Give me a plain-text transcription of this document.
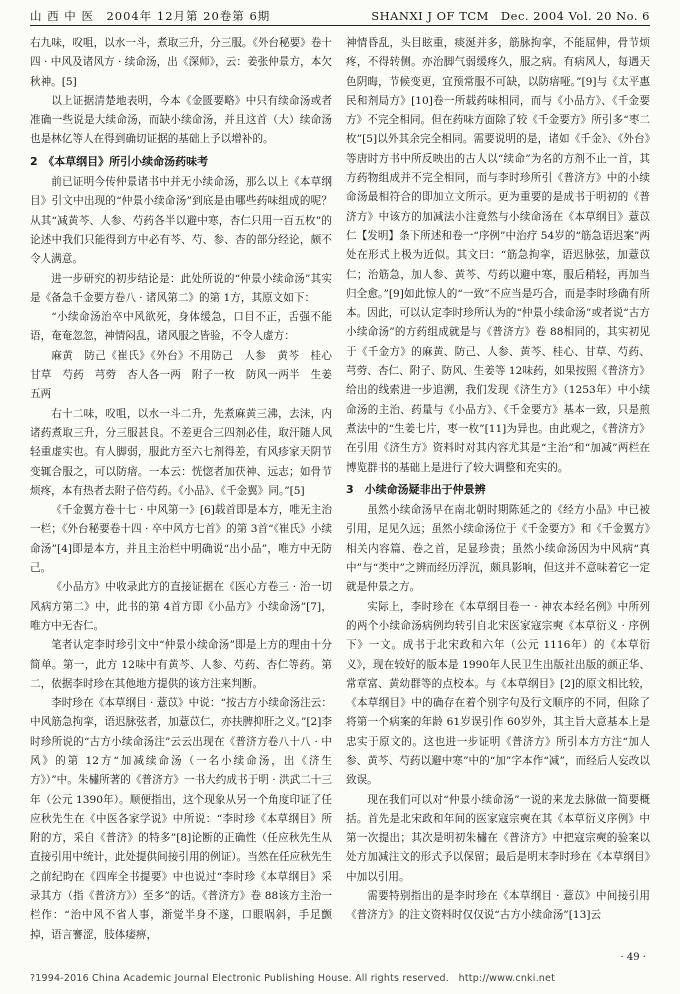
山 西 中 医　2004年 12月第 20卷第 6期	SHANXI J OF TCM　Dec. 2004 Vol. 20 No. 6

右九味，㕮咀，以水一斗，煮取三升，分三服。《外台秘要》卷十四 · 中风及诸风方 · 续命汤，出《深师》，云：姜张仲景方，本欠秋神。[5]

以上证据清楚地表明，今本《金匮要略》中只有续命汤或者准确一些说是大续命汤，而缺小续命汤，并且这首（大）续命汤也是林亿等人在得到确切证据的基础上予以增补的。

2　《本草纲目》所引小续命汤药味考

前已证明今传仲景诸书中并无小续命汤，那么以上《本草纲目》引文中出现的“仲景小续命汤”到底是由哪些药味组成的呢？从其“减黄芩、人参、芍药各半以避中寒，杏仁只用一百五枚”的论述中我们只能得到方中必有芩、芍、参、杏的部分经论，颇不令人满意。

进一步研究的初步结论是：此处所说的“仲景小续命汤”其实是《备急千金要方卷八 · 诸风第二》的第 1方，其原文如下：

“小续命汤治卒中风欲死，身体缓急，口目不正，舌强不能语，奄奄忽忽，神情闷乱，诸风服之皆验，不令人虚方：

麻黄　防己《崔氏》《外台》不用防己　人参　黄芩　桂心　甘草　芍药　芎䓖　杏人各一两　附子一枚　防风一两半　生姜五两

右十二味，㕮咀，以水一斗二升，先煮麻黄三沸，去沫，内诸药煮取三升，分三服甚良。不差更合三四剂必佳，取汗随人风轻重虚实也。有人脚弱，服此方至六七剂得差，有风疹家天阴节变辄合服之，可以防瘖。一本云：恍惚者加茯神、远志；如骨节烦疼，本有热者去附子倍芍药。《小品》、《千金翼》同。”[5]

《千金翼方卷十七 · 中风第一》[6]载首即是本方，唯无主治一栏；《外台秘要卷十四 · 卒中风方七首》的第 3首“《崔氏》小续命汤”[4]即是本方，并且主治栏中明确说“出小品”，唯方中无防己。

《小品方》中收录此方的直接证据在《医心方卷三 · 治一切风病方第二》中，此书的第 4首方即《小品方》小续命汤”[7]，唯方中无杏仁。

笔者认定李时珍引文中“仲景小续命汤”即是上方的理由十分简单。第一，此方 12味中有黄芩、人参、芍药、杏仁等药。第二，依据李时珍在其他地方提供的该方注来判断。

李时珍在《本草纲目 · 薏苡》中说：“按古方小续命汤注云：中风筋急拘挛，语迟脉弦者，加薏苡仁，亦扶脾抑肝之义。”[2]李时珍所说的“古方小续命汤注”云云出现在《普济方卷八十八 · 中风》的第 12方“加减续命汤（一名小续命汤，出《济生方》）”中。朱橚所著的《普济方》一书大约成书于明 · 洪武二十三年（公元 1390年）。顺便指出，这个现象从另一个角度印证了任应秋先生在《中医各家学说》中所说：“李时珍《本草纲目》所附的方，采自《普济》的特多”[8]论断的正确性（任应秋先生从直接引用中统计，此处提供间接引用的例证）。当然在任应秋先生之前纪昀在《四库全书提要》中也说过“李时珍《本草纲目》采录其方（指《普济方》）至多”的话。《普济方》卷 88该方主治一栏作：“治中风不省人事，渐觉半身不遂，口眼㖞斜，手足颤掉，语言謇涩，肢体痿痹，

神情昏乱，头目眩重，痰涎并多，筋脉拘挛，不能屈伸，骨节烦疼，不得转侧。亦治脚气弱缓疼久，服之病。有病风人，每遇天色阴晦，节候变更，宜预常服不可缺，以防瘖哑。”[9]与《太平惠民和剂局方》[10]卷一所载药味相同，而与《小品方》、《千金要方》不完全相同。但在药味方面除了较《千金要方》所引多“枣二枚”[5]以外其余完全相同。需要说明的是，诸如《千金》、《外台》等唐时方书中所反映出的古人以“续命”为名的方剂不止一首，其方药物组成并不完全相同，而与李时珍所引《普济方》中的小续命汤最相符合的即加立文所示。更为重要的是成书于明初的《普济方》中该方的加减法小注竟然与小续命汤在《本草纲目》薏苡仁【发明】条下所述和卷一“序例”中治疗 54岁的“筋急语迟案”两处在形式上极为近似。其文曰：“筋急拘挛，语迟脉弦，加薏苡仁；治筋急，加人参、黄芩、芍药以避中寒，服后稍轻，再加当归全愈。”[9]如此惊人的“一致”不应当是巧合，而是李时珍确有所本。因此，可以认定李时珍所认为的“仲景小续命汤”或者说“古方小续命汤”的方药组成就是与《普济方》卷 88相同的，其实初见于《千金方》的麻黄、防己、人参、黄芩、桂心、甘草、芍药、芎䓖、杏仁、附子、防风、生姜等 12味药，如果按照《普济方》给出的线索进一步追溯，我们发现《济生方》（1253年）中小续命汤的主治、药量与《小品方》、《千金要方》基本一致，只是煎煮法中的“生姜七片，枣一枚”[11]为异也。由此观之，《普济方》在引用《济生方》资料时对其内容尤其是“主治”和“加减”两栏在博览群书的基础上是进行了较大调整和充实的。

3　小续命汤疑非出于仲景辨

虽然小续命汤早在南北朝时期陈延之的《经方小品》中已被引用，足见久远；虽然小续命汤位于《千金要方》和《千金翼方》相关内容篇、卷之首，足显珍贵；虽然小续命汤因为中风病“真中”与“类中”之辨而经历浮沉，颇具影响，但这并不意味着它一定就是仲景之方。

实际上，李时珍在《本草纲目卷一 · 神农本经名例》中所列的两个小续命汤病例均转引自北宋医家寇宗奭《本草衍义 · 序例下》一文。成书于北宋政和六年（公元 1116年）的《本草衍义》，现在较好的版本是 1990年人民卫生出版社出版的颜正华、常章富、黄幼群等的点校本。与《本草纲目》[2]的原文相比较，《本草纲目》中的确存在着个别字句及行文顺序的不同，但除了将第一个病案的年龄 61岁误引作 60岁外，其主旨大意基本上是忠实于原文的。这也进一步证明《普济方》所引本方方注“加人参、黄芩、芍药以避中寒”中的“加”字本作“减”，而经后人妄改以致误。

现在我们可以对“仲景小续命汤”一说的来龙去脉做一简要概括。首先是北宋政和年间的医家寇宗奭在其《本草衍义序例》中第一次提出；其次是明初朱橚在《普济方》中把寇宗奭的验案以处方加减注文的形式予以保留；最后是明末李时珍在《本草纲目》中加以引用。

需要特别指出的是李时珍在《本草纲目 · 薏苡》中间接引用《普济方》的注文资料时仅仅说“古方小续命汤”[13]云

· 49 ·
?1994-2016 China Academic Journal Electronic Publishing House. All rights reserved.　http://www.cnki.net
